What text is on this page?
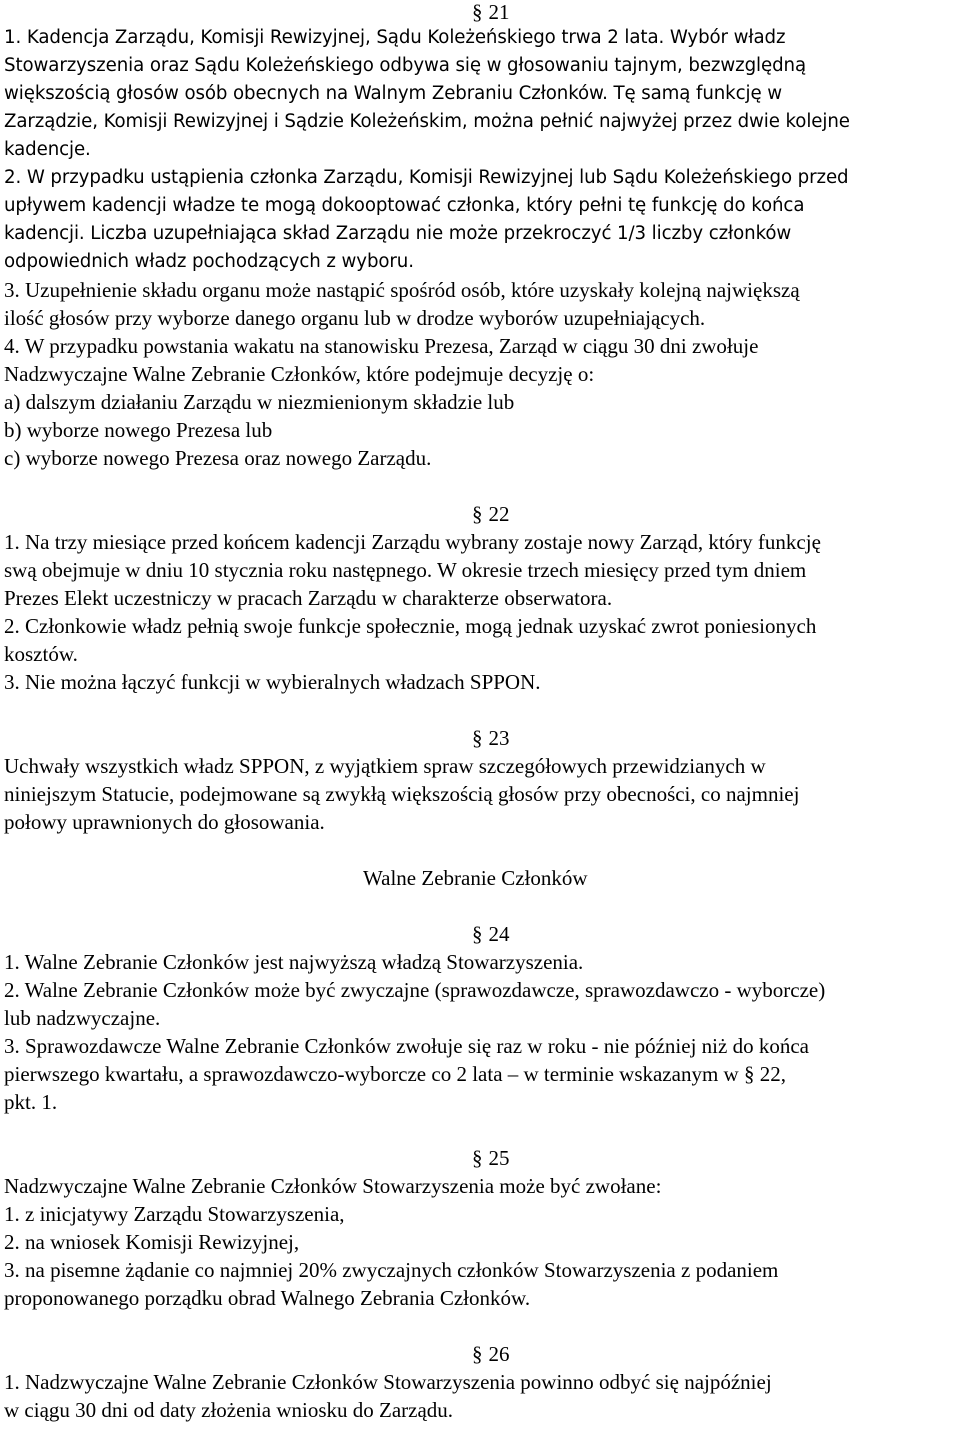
§ 21
1. Kadencja Zarządu, Komisji Rewizyjnej, Sądu Koleżeńskiego trwa 2 lata. Wybór władz
Stowarzyszenia oraz Sądu Koleżeńskiego odbywa się w głosowaniu tajnym, bezwzględną
większością głosów osób obecnych na Walnym Zebraniu Członków. Tę samą funkcję w
Zarządzie, Komisji Rewizyjnej i Sądzie Koleżeńskim, można pełnić najwyżej przez dwie kolejne
kadencje.
2. W przypadku ustąpienia członka Zarządu, Komisji Rewizyjnej lub Sądu Koleżeńskiego przed
upływem kadencji władze te mogą dokooptować członka, który pełni tę funkcję do końca
kadencji. Liczba uzupełniająca skład Zarządu nie może przekroczyć 1/3 liczby członków
odpowiednich władz pochodzących z wyboru.
3. Uzupełnienie składu organu może nastąpić spośród osób, które uzyskały kolejną największą
ilość głosów przy wyborze danego organu lub w drodze wyborów uzupełniających.
4. W przypadku powstania wakatu na stanowisku Prezesa, Zarząd w ciągu 30 dni zwołuje
Nadzwyczajne Walne Zebranie Członków, które podejmuje decyzję o:
a) dalszym działaniu Zarządu w niezmienionym składzie lub
b) wyborze nowego Prezesa lub
c) wyborze nowego Prezesa oraz nowego Zarządu.
§ 22
1. Na trzy miesiące przed końcem kadencji Zarządu wybrany zostaje nowy Zarząd, który funkcję
swą obejmuje w dniu 10 stycznia roku następnego. W okresie trzech miesięcy przed tym dniem
Prezes Elekt uczestniczy w pracach Zarządu w charakterze obserwatora.
2. Członkowie władz pełnią swoje funkcje społecznie, mogą jednak uzyskać zwrot poniesionych
kosztów.
3. Nie można łączyć funkcji w wybieralnych władzach SPPON.
§ 23
Uchwały wszystkich władz SPPON, z wyjątkiem spraw szczegółowych przewidzianych w
niniejszym Statucie, podejmowane są zwykłą większością głosów przy obecności, co najmniej
połowy uprawnionych do głosowania.
Walne Zebranie Członków
§ 24
1. Walne Zebranie Członków jest najwyższą władzą Stowarzyszenia.
2. Walne Zebranie Członków może być zwyczajne (sprawozdawcze, sprawozdawczo - wyborcze)
lub nadzwyczajne.
3. Sprawozdawcze Walne Zebranie Członków zwołuje się raz w roku - nie później niż do końca
pierwszego kwartału, a sprawozdawczo-wyborcze co 2 lata – w terminie wskazanym w § 22,
pkt. 1.
§ 25
Nadzwyczajne Walne Zebranie Członków Stowarzyszenia może być zwołane:
1. z inicjatywy Zarządu Stowarzyszenia,
2. na wniosek Komisji Rewizyjnej,
3. na pisemne żądanie co najmniej 20% zwyczajnych członków Stowarzyszenia z podaniem
proponowanego porządku obrad Walnego Zebrania Członków.
§ 26
1. Nadzwyczajne Walne Zebranie Członków Stowarzyszenia powinno odbyć się najpóźniej
w ciągu 30 dni od daty złożenia wniosku do Zarządu.
